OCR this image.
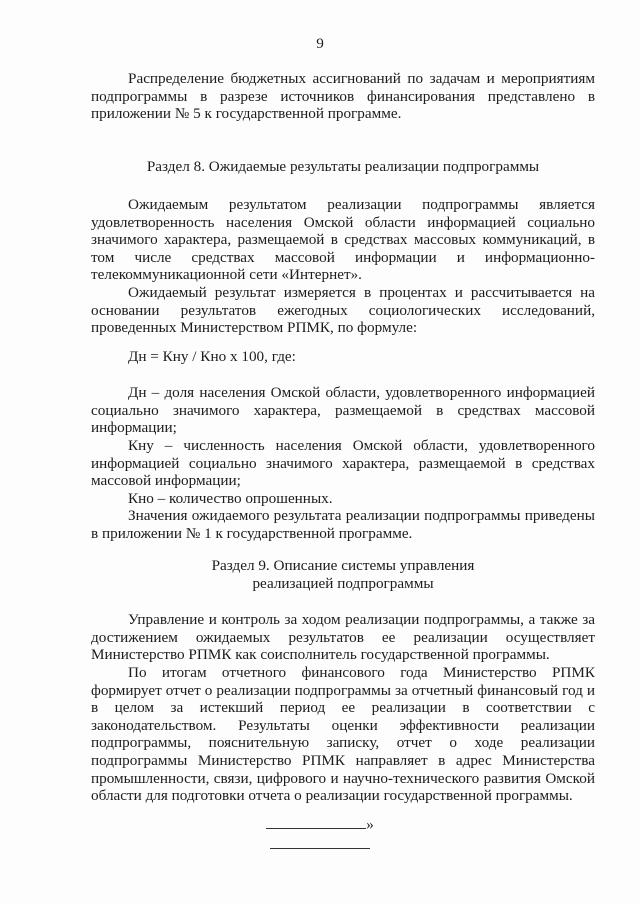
9
Распределение бюджетных ассигнований по задачам и мероприятиям
подпрограммы в разрезе источников финансирования представлено в
приложении № 5 к государственной программе.
Раздел 8. Ожидаемые результаты реализации подпрограммы
Ожидаемым результатом реализации подпрограммы является
удовлетворенность населения Омской области информацией социально
значимого характера, размещаемой в средствах массовых коммуникаций, в
том числе средствах массовой информации и информационно-
телекоммуникационной сети «Интернет».
Ожидаемый результат измеряется в процентах и рассчитывается на
основании результатов ежегодных социологических исследований,
проведенных Министерством РПМК, по формуле:
Дн = Кну / Кно х 100, где:
Дн – доля населения Омской области, удовлетворенного информацией
социально значимого характера, размещаемой в средствах массовой
информации;
Кну – численность населения Омской области, удовлетворенного
информацией социально значимого характера, размещаемой в средствах
массовой информации;
Кно – количество опрошенных.
Значения ожидаемого результата реализации подпрограммы приведены
в приложении № 1 к государственной программе.
Раздел 9. Описание системы управления
реализацией подпрограммы
Управление и контроль за ходом реализации подпрограммы, а также за
достижением ожидаемых результатов ее реализации осуществляет
Министерство РПМК как соисполнитель государственной программы.
По итогам отчетного финансового года Министерство РПМК
формирует отчет о реализации подпрограммы за отчетный финансовый год и
в целом за истекший период ее реализации в соответствии с
законодательством. Результаты оценки эффективности реализации
подпрограммы, пояснительную записку, отчет о ходе реализации
подпрограммы Министерство РПМК направляет в адрес Министерства
промышленности, связи, цифрового и научно-технического развития Омской
области для подготовки отчета о реализации государственной программы.
»
